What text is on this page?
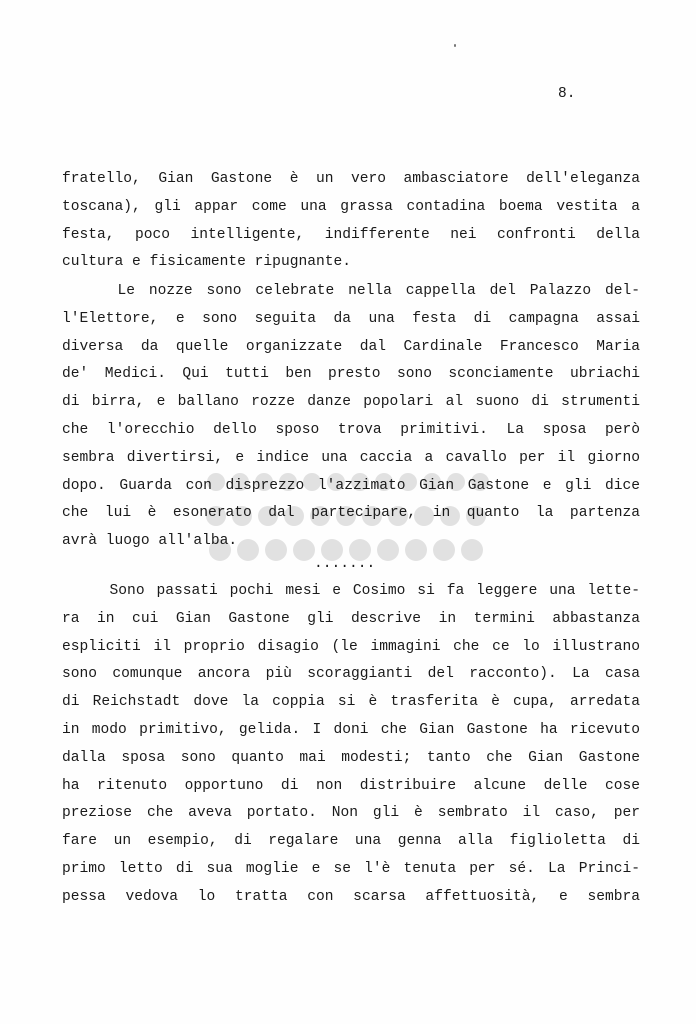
8.
fratello, Gian Gastone è un vero ambasciatore dell'eleganza
toscana), gli appar come una grassa contadina boema vestita a
festa, poco intelligente, indifferente nei confronti della
cultura e fisicamente ripugnante.
Le nozze sono celebrate nella cappella del Palazzo del-
l'Elettore, e sono seguita da una festa di campagna assai
diversa da quelle organizzate dal Cardinale Francesco Maria
de' Medici. Qui tutti ben presto sono sconciamente ubriachi
di birra, e ballano rozze danze popolari al suono di strumenti
che l'orecchio dello sposo trova primitivi. La sposa però
sembra divertirsi, e indice una caccia a cavallo per il giorno
dopo. Guarda con disprezzo l'azzimato Gian Gastone e gli dice
che lui è esonerato dal partecipare, in quanto la partenza
avrà luogo all'alba.
.......
Sono passati pochi mesi e Cosimo si fa leggere una lette-
ra in cui Gian Gastone gli descrive in termini abbastanza
espliciti il proprio disagio (le immagini che ce lo illustrano
sono comunque ancora più scoraggianti del racconto). La casa
di Reichstadt dove la coppia si è trasferita è cupa, arredata
in modo primitivo, gelida. I doni che Gian Gastone ha ricevuto
dalla sposa sono quanto mai modesti; tanto che Gian Gastone
ha ritenuto opportuno di non distribuire alcune delle cose
preziose che aveva portato. Non gli è sembrato il caso, per
fare un esempio, di regalare una genna alla figlioletta di
primo letto di sua moglie e se l'è tenuta per sé. La Princi-
pessa vedova lo tratta con scarsa affettuosità, e sembra
